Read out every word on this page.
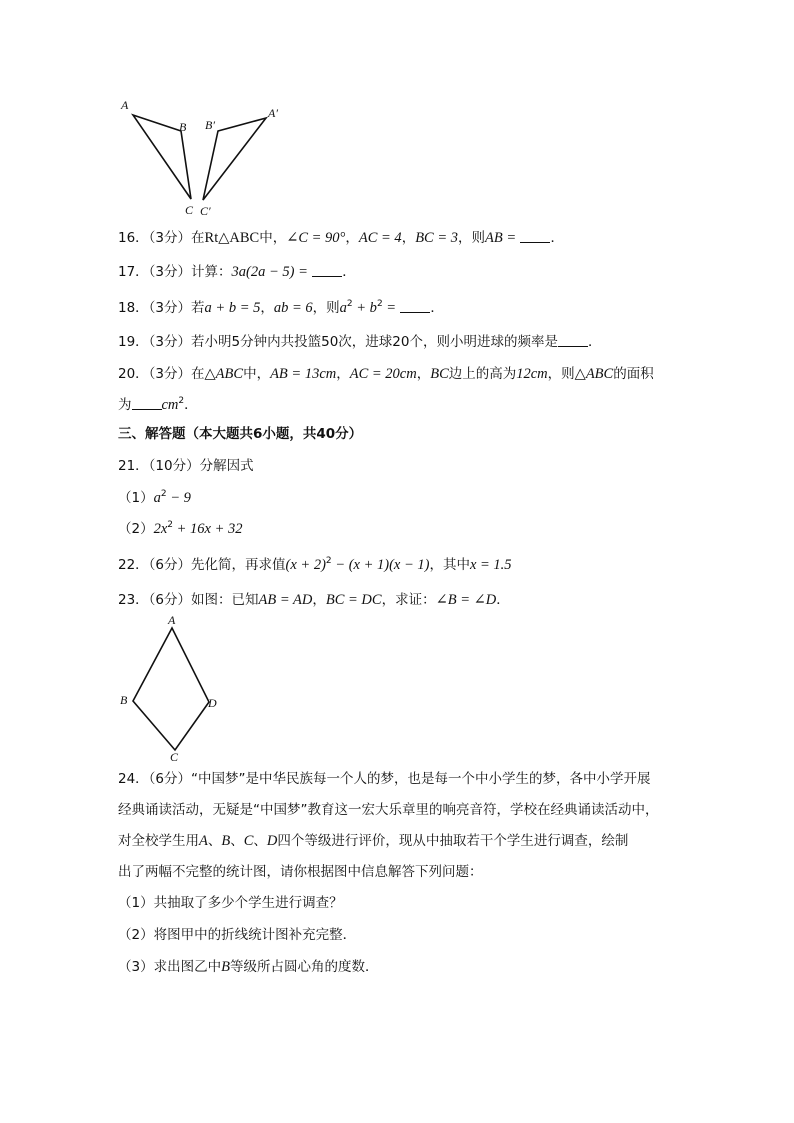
A
B
C
B′
A′
C′
16．（3分）在Rt△ABC中，∠C = 90°，AC = 4，BC = 3，则AB =	．
17．（3分）计算：3a(2a − 5) =	．
18．（3分）若a + b = 5，ab = 6，则$a^2 + b^2$ =	．
19．（3分）若小明5分钟内共投篮50次，进球20个，则小明进球的频率是 ．
20．（3分）在△ABC中，AB = 13cm，AC = 20cm，BC边上的高为12cm，则△ABC的面积
为 $cm^2$．
三、解答题（本大题共6小题，共40分）
21．（10分）分解因式
$(1)a^2 - 9$
$(2)2x^2 + 16x + 32$
22．（6分）先化简，再求值$(x + 2)^2 - (x + 1)(x - 1)$，其中x = 1.5
23．（6分）如图：已知AB = AD，BC = DC，求证：∠B = ∠D．
A
B
C
D
24．（6分）“中国梦”是中华民族每一个人的梦，也是每一个中小学生的梦，各中小学开展
经典诵读活动，无疑是“中国梦”教育这一宏大乐章里的响亮音符，学校在经典诵读活动中，
对全校学生用A、B、C、D四个等级进行评价，现从中抽取若干个学生进行调查，绘制
出了两幅不完整的统计图，请你根据图中信息解答下列问题：
（1）共抽取了多少个学生进行调查？
（2）将图甲中的折线统计图补充完整．
（3）求出图乙中B等级所占圆心角的度数．
